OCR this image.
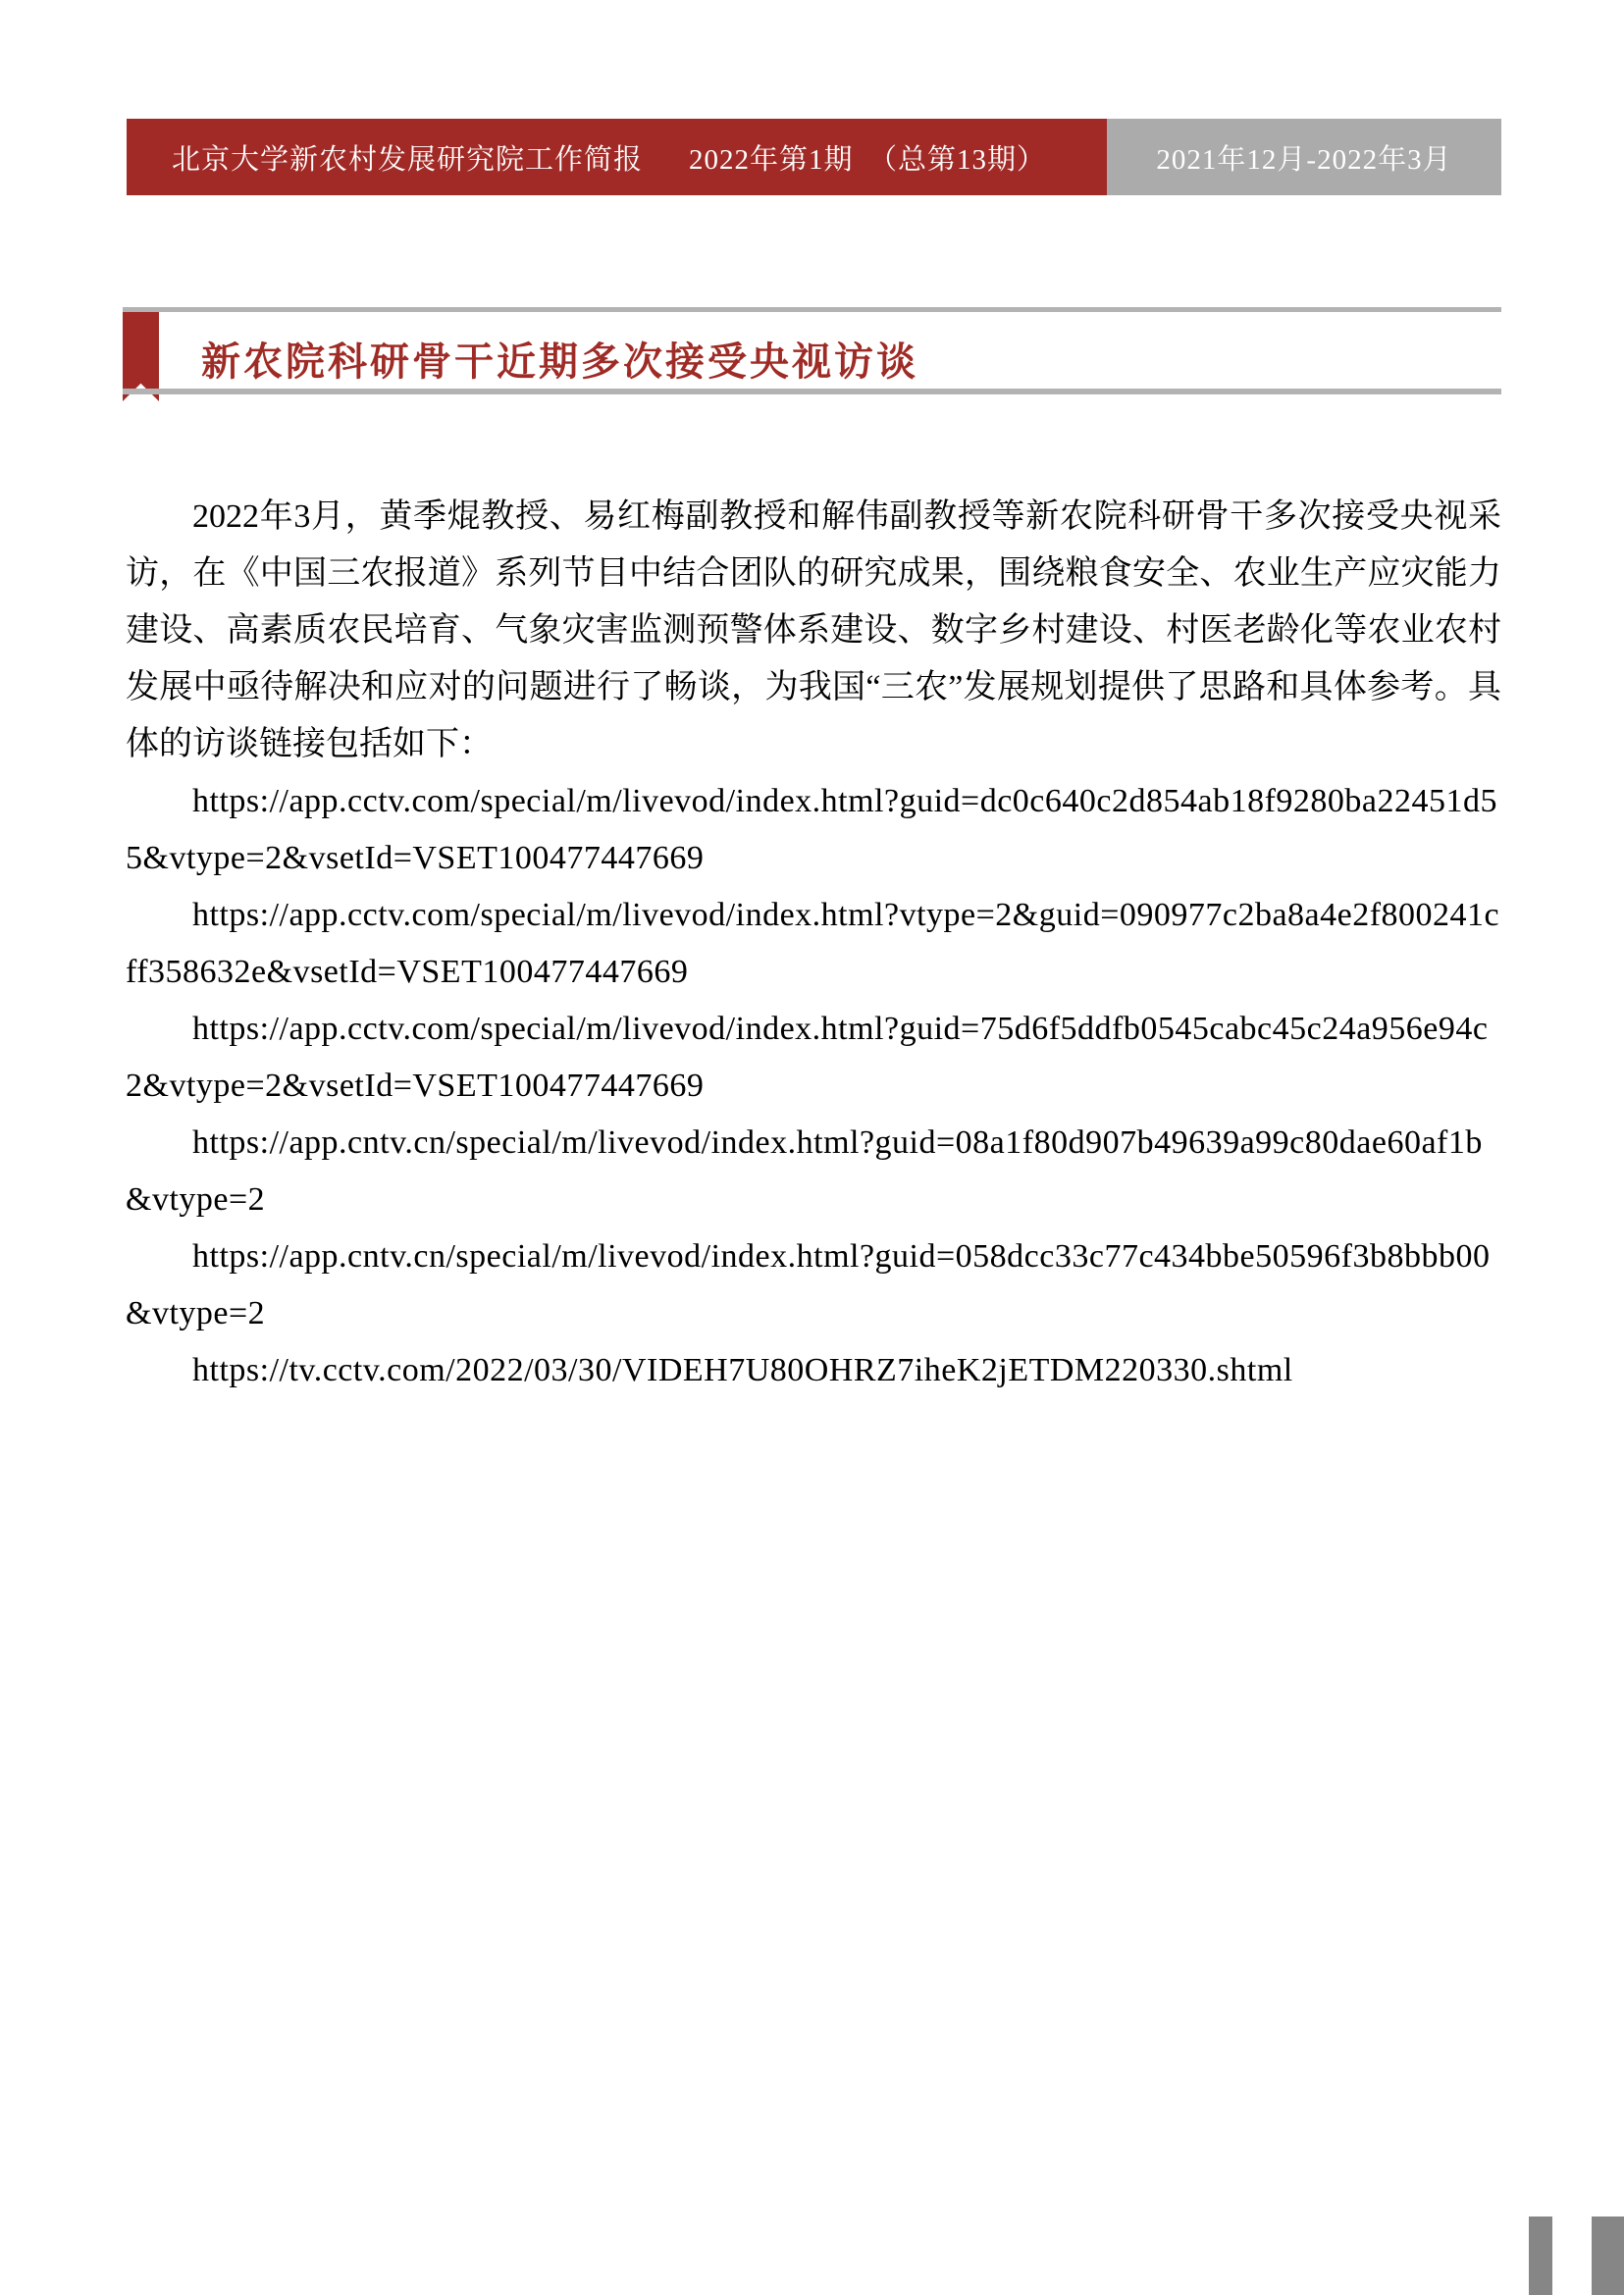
北京大学新农村发展研究院工作简报 2022年第1期　（总第13期）	2021年12月-2022年3月
新农院科研骨干近期多次接受央视访谈

2022年3月，黄季焜教授、易红梅副教授和解伟副教授等新农院科研骨干多次接受央视采访，在《中国三农报道》系列节目中结合团队的研究成果，围绕粮食安全、农业生产应灾能力建设、高素质农民培育、气象灾害监测预警体系建设、数字乡村建设、村医老龄化等农业农村发展中亟待解决和应对的问题进行了畅谈，为我国“三农”发展规划提供了思路和具体参考。具体的访谈链接包括如下：

https://app.cctv.com/special/m/livevod/index.html?guid=dc0c640c2d854ab18f9280ba22451d55&vtype=2&vsetId=VSET100477447669

https://app.cctv.com/special/m/livevod/index.html?vtype=2&guid=090977c2ba8a4e2f800241cff358632e&vsetId=VSET100477447669

https://app.cctv.com/special/m/livevod/index.html?guid=75d6f5ddfb0545cabc45c24a956e94c2&vtype=2&vsetId=VSET100477447669

https://app.cntv.cn/special/m/livevod/index.html?guid=08a1f80d907b49639a99c80dae60af1b&vtype=2

https://app.cntv.cn/special/m/livevod/index.html?guid=058dcc33c77c434bbe50596f3b8bbb00&vtype=2

https://tv.cctv.com/2022/03/30/VIDEH7U80OHRZ7iheK2jETDM220330.shtml
